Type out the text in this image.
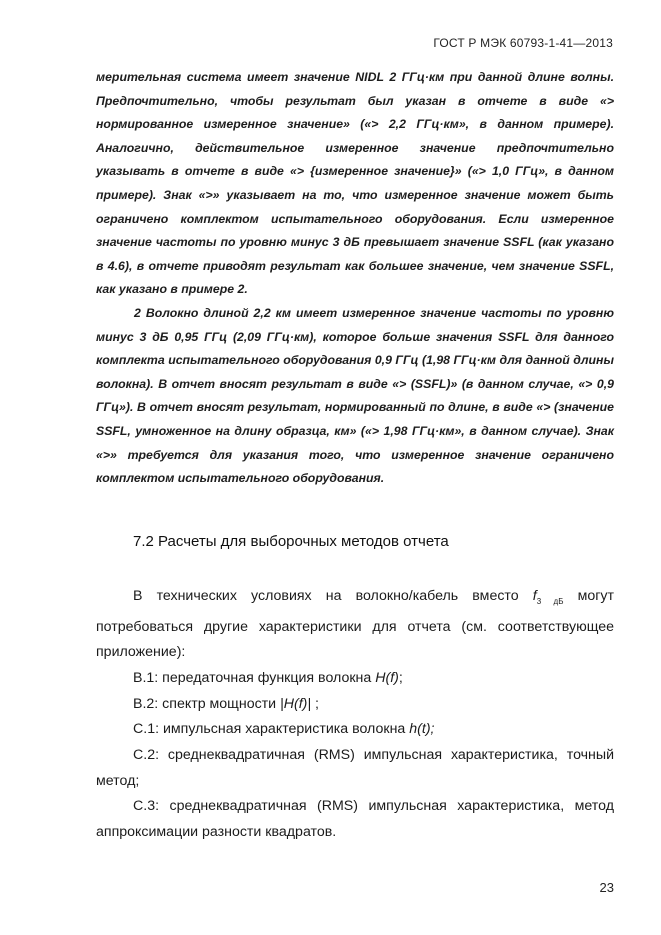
ГОСТ Р МЭК 60793-1-41—2013

мерительная система имеет значение NIDL 2 ГГц·км при данной длине волны. Предпочтительно, чтобы результат был указан в отчете в виде «> нормированное измеренное значение» («> 2,2 ГГц·км», в данном примере). Аналогично, действительное измеренное значение предпочтительно указывать в отчете в виде «> {измеренное значение}» («> 1,0 ГГц», в данном примере). Знак «>» указывает на то, что измеренное значение может быть ограничено комплектом испытательного оборудования. Если измеренное значение частоты по уровню минус 3 дБ превышает значение SSFL (как указано в 4.6), в отчете приводят результат как большее значение, чем значение SSFL, как указано в примере 2.

2 Волокно длиной 2,2 км имеет измеренное значение частоты по уровню минус 3 дБ 0,95 ГГц (2,09 ГГц·км), которое больше значения SSFL для данного комплекта испытательного оборудования 0,9 ГГц (1,98 ГГц·км для данной длины волокна). В отчет вносят результат в виде «> (SSFL)» (в данном случае, «> 0,9 ГГц»). В отчет вносят результат, нормированный по длине, в виде «> (значение SSFL, умноженное на длину образца, км» («> 1,98 ГГц·км», в данном случае). Знак «>» требуется для указания того, что измеренное значение ограничено комплектом испытательного оборудования.

7.2 Расчеты для выборочных методов отчета

В технических условиях на волокно/кабель вместо $f_{3 дБ}$ могут потребоваться другие характеристики для отчета (см. соответствующее приложение):

B.1: передаточная функция волокна H(f);

B.2: спектр мощности |H(f)| ;

C.1: импульсная характеристика волокна h(t);

C.2: среднеквадратичная (RMS) импульсная характеристика, точный метод;

C.3: среднеквадратичная (RMS) импульсная характеристика, метод аппроксимации разности квадратов.

23
